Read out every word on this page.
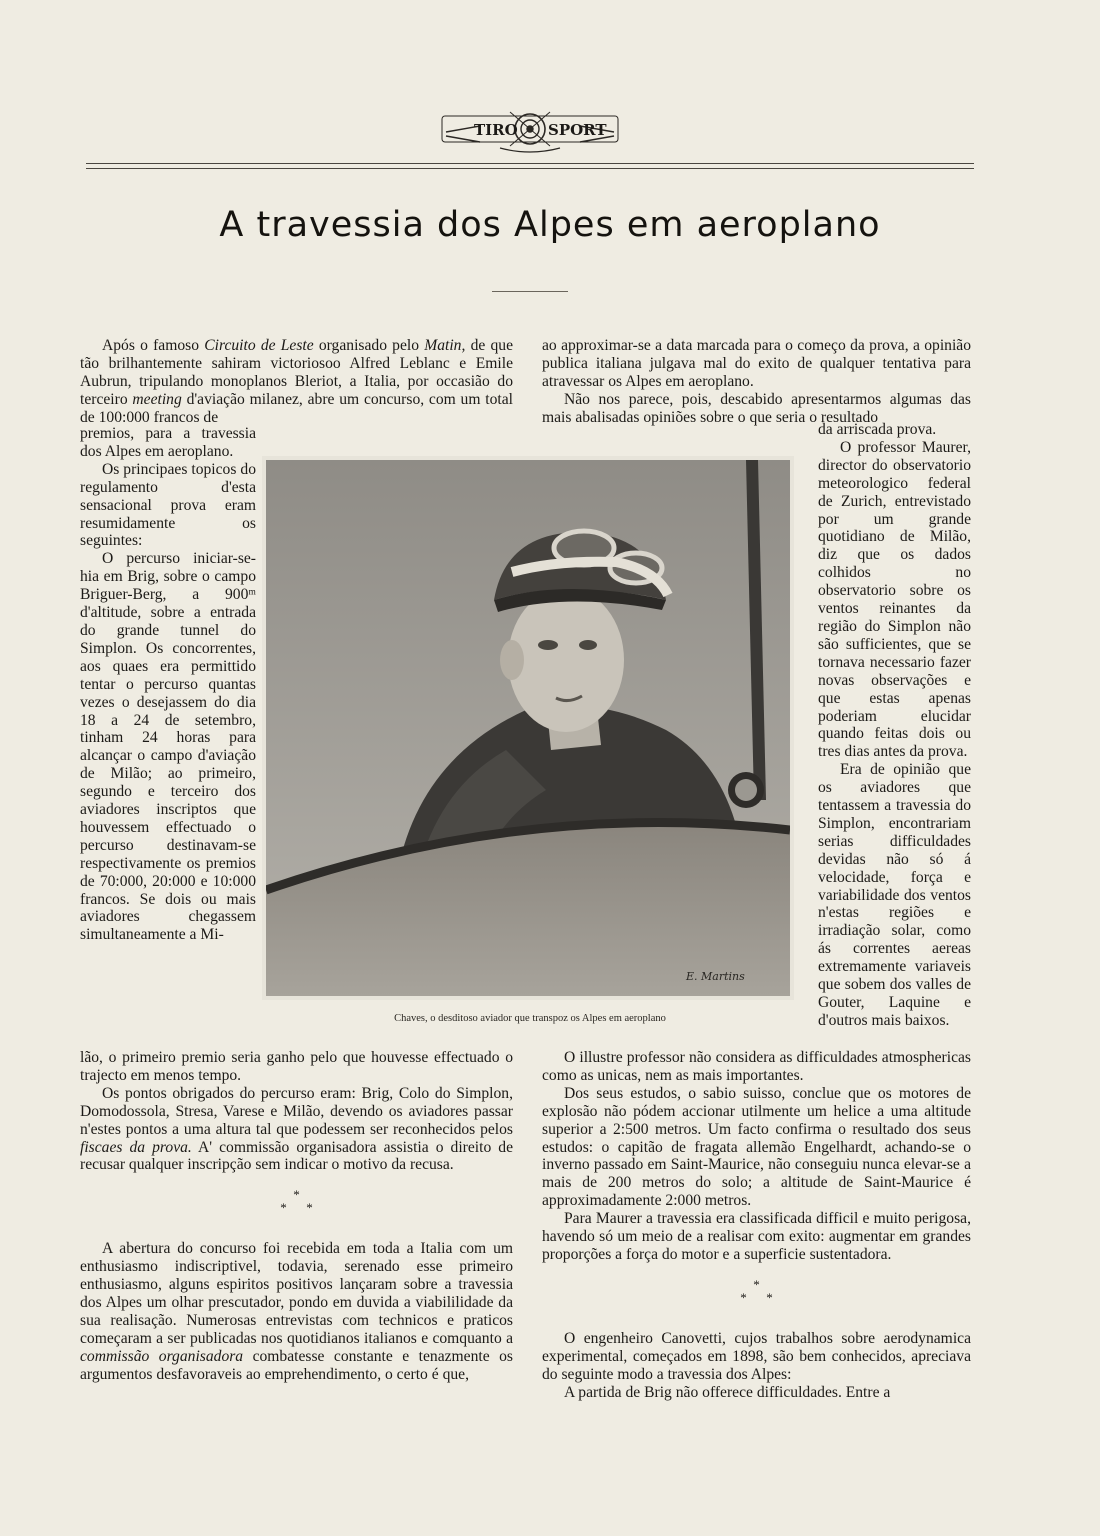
TIRO SPORT
A travessia dos Alpes em aeroplano

Após o famoso Circuito de Leste organisado pelo Matin, de que tão brilhantemente sahiram victoriosoo Alfred Leblanc e Emile Aubrun, tripulando monoplanos Bleriot, a Italia, por occasião do terceiro meeting d'aviação milanez, abre um concurso, com um total de 100:000 francos de

premios, para a travessia dos Alpes em aeroplano.

Os principaes topicos do regulamento d'esta sensacional prova eram resumidamente os seguintes:

O percurso iniciar-se-hia em Brig, sobre o campo Briguer-Berg, a 900ᵐ d'altitude, sobre a entrada do grande tunnel do Simplon. Os concorrentes, aos quaes era permittido tentar o percurso quantas vezes o desejassem do dia 18 a 24 de setembro, tinham 24 horas para alcançar o campo d'aviação de Milão; ao primeiro, segundo e terceiro dos aviadores inscriptos que houvessem effectuado o percurso destinavam-se respectivamente os premios de 70:000, 20:000 e 10:000 francos. Se dois ou mais aviadores chegassem simultaneamente a Mi-

lão, o primeiro premio seria ganho pelo que houvesse effectuado o trajecto em menos tempo.

Os pontos obrigados do percurso eram: Brig, Colo do Simplon, Domodossola, Stresa, Varese e Milão, devendo os aviadores passar n'estes pontos a uma altura tal que podessem ser reconhecidos pelos fiscaes da prova. A' commissão organisadora assistia o direito de recusar qualquer inscripção sem indicar o motivo da recusa.

*
* *

A abertura do concurso foi recebida em toda a Italia com um enthusiasmo indiscriptivel, todavia, serenado esse primeiro enthusiasmo, alguns espiritos positivos lançaram sobre a travessia dos Alpes um olhar prescutador, pondo em duvida a viabililidade da sua realisação. Numerosas entrevistas com technicos e praticos começaram a ser publicadas nos quotidianos italianos e comquanto a commissão organisadora combatesse constante e tenazmente os argumentos desfavoraveis ao emprehendimento, o certo é que,

E. Martins
Chaves, o desditoso aviador que transpoz os Alpes em aeroplano

ao approximar-se a data marcada para o começo da prova, a opinião publica italiana julgava mal do exito de qualquer tentativa para atravessar os Alpes em aeroplano.

Não nos parece, pois, descabido apresentarmos algumas das mais abalisadas opiniões sobre o que seria o resultado

da arriscada prova.

O professor Maurer, director do observatorio meteorologico federal de Zurich, entrevistado por um grande quotidiano de Milão, diz que os dados colhidos no observatorio sobre os ventos reinantes da região do Simplon não são sufficientes, que se tornava necessario fazer novas observações e que estas apenas poderiam elucidar quando feitas dois ou tres dias antes da prova.

Era de opinião que os aviadores que tentassem a travessia do Simplon, encontrariam serias difficuldades devidas não só á velocidade, força e variabilidade dos ventos n'estas regiões e irradiação solar, como ás correntes aereas extremamente variaveis que sobem dos valles de Gouter, Laquine e d'outros mais baixos.

O illustre professor não considera as difficuldades atmosphericas como as unicas, nem as mais importantes.

Dos seus estudos, o sabio suisso, conclue que os motores de explosão não pódem accionar utilmente um helice a uma altitude superior a 2:500 metros. Um facto confirma o resultado dos seus estudos: o capitão de fragata allemão Engelhardt, achando-se o inverno passado em Saint-Maurice, não conseguiu nunca elevar-se a mais de 200 metros do solo; a altitude de Saint-Maurice é approximadamente 2:000 metros.

Para Maurer a travessia era classificada difficil e muito perigosa, havendo só um meio de a realisar com exito: augmentar em grandes proporções a força do motor e a superficie sustentadora.

*
* *

O engenheiro Canovetti, cujos trabalhos sobre aerodynamica experimental, começados em 1898, são bem conhecidos, apreciava do seguinte modo a travessia dos Alpes:

A partida de Brig não offerece difficuldades. Entre a
